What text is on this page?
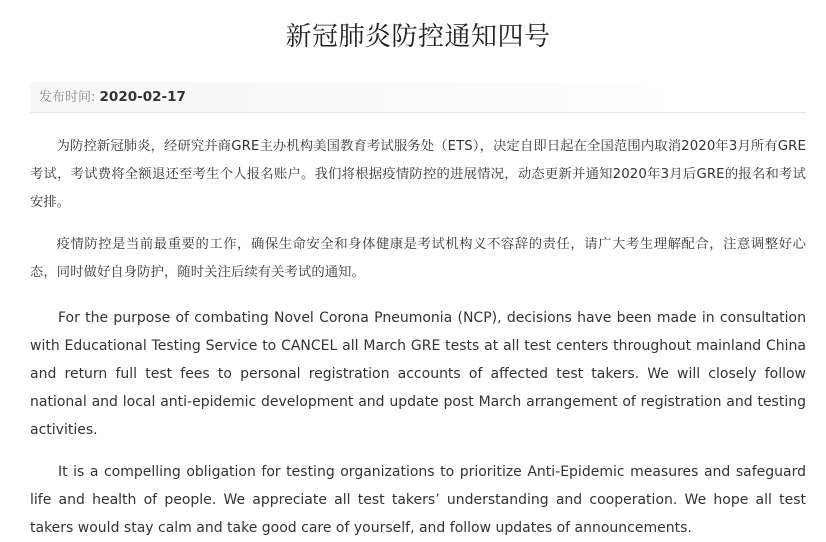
新冠肺炎防控通知四号
发布时间: 2020-02-17

为防控新冠肺炎，经研究并商GRE主办机构美国教育考试服务处（ETS），决定自即日起在全国范围内取消2020年3月所有GRE考试，考试费将全额退还至考生个人报名账户。我们将根据疫情防控的进展情况，动态更新并通知2020年3月后GRE的报名和考试安排。

疫情防控是当前最重要的工作，确保生命安全和身体健康是考试机构义不容辞的责任，请广大考生理解配合，注意调整好心态，同时做好自身防护，随时关注后续有关考试的通知。

For the purpose of combating Novel Corona Pneumonia (NCP), decisions have been made in consultation with Educational Testing Service to CANCEL all March GRE tests at all test centers throughout mainland China and return full test fees to personal registration accounts of affected test takers. We will closely follow national and local anti-epidemic development and update post March arrangement of registration and testing activities.

It is a compelling obligation for testing organizations to prioritize Anti-Epidemic measures and safeguard life and health of people. We appreciate all test takers’ understanding and cooperation. We hope all test takers would stay calm and take good care of yourself, and follow updates of announcements.
